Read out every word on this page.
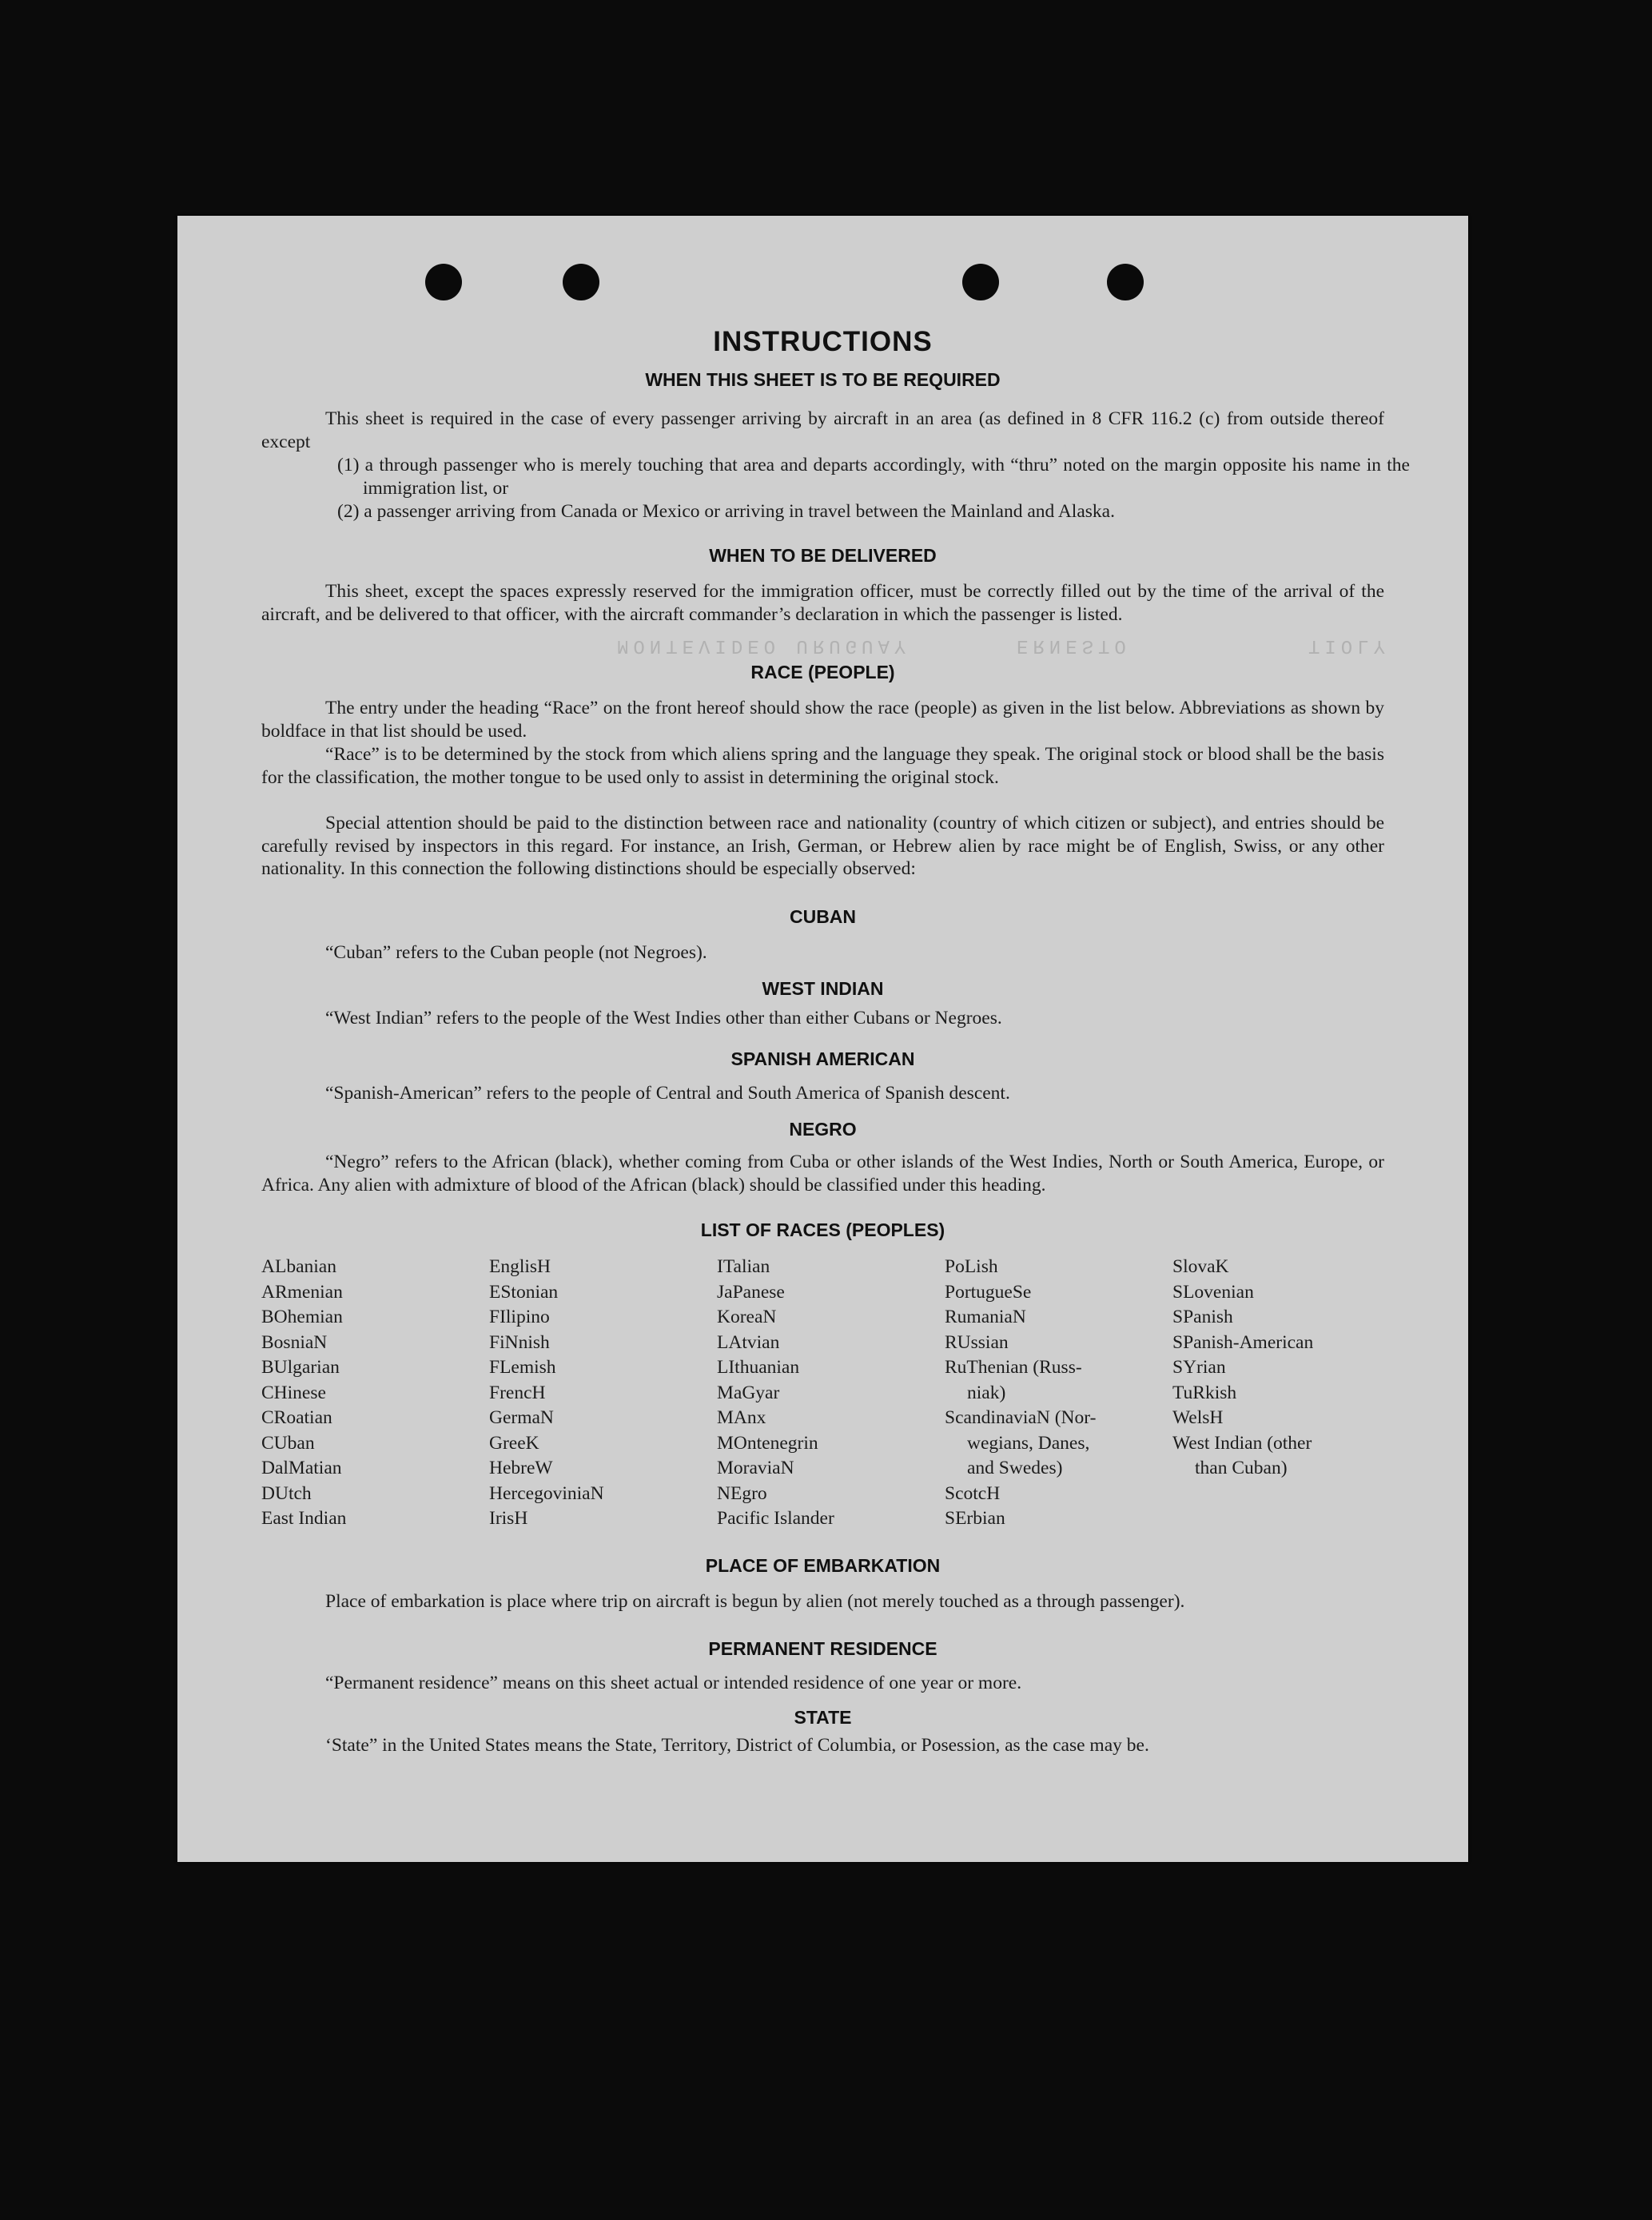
TIOLY
ERNESTO
MONTEVIDEO URUGUAY
INSTRUCTIONS
WHEN THIS SHEET IS TO BE REQUIRED
This sheet is required in the case of every passenger arriving by aircraft in an area (as defined in 8 CFR 116.2 (c) from outside thereof except
(1) a through passenger who is merely touching that area and departs accordingly, with “thru” noted on the margin opposite his name in the immigration list, or
(2) a passenger arriving from Canada or Mexico or arriving in travel between the Mainland and Alaska.
WHEN TO BE DELIVERED
This sheet, except the spaces expressly reserved for the immigration officer, must be correctly filled out by the time of the arrival of the aircraft, and be delivered to that officer, with the aircraft commander’s declaration in which the passenger is listed.
RACE (PEOPLE)
The entry under the heading “Race” on the front hereof should show the race (people) as given in the list below. Abbreviations as shown by boldface in that list should be used.
“Race” is to be determined by the stock from which aliens spring and the language they speak. The original stock or blood shall be the basis for the classification, the mother tongue to be used only to assist in determining the original stock.
Special attention should be paid to the distinction between race and nationality (country of which citizen or subject), and entries should be carefully revised by inspectors in this regard. For instance, an Irish, German, or Hebrew alien by race might be of English, Swiss, or any other nationality. In this connection the following distinctions should be especially observed:
CUBAN
“Cuban” refers to the Cuban people (not Negroes).
WEST INDIAN
“West Indian” refers to the people of the West Indies other than either Cubans or Negroes.
SPANISH AMERICAN
“Spanish-American” refers to the people of Central and South America of Spanish descent.
NEGRO
“Negro” refers to the African (black), whether coming from Cuba or other islands of the West Indies, North or South America, Europe, or Africa. Any alien with admixture of blood of the African (black) should be classified under this heading.
LIST OF RACES (PEOPLES)
ALbanian
ARmenian
BOhemian
BosniaN
BUlgarian
CHinese
CRoatian
CUban
DalMatian
DUtch
East Indian
EnglisH
EStonian
FIlipino
FiNnish
FLemish
FrencH
GermaN
GreeK
HebreW
HercegoviniaN
IrisH
ITalian
JaPanese
KoreaN
LAtvian
LIthuanian
MaGyar
MAnx
MOntenegrin
MoraviaN
NEgro
Pacific Islander
PoLish
PortugueSe
RumaniaN
RUssian
RuThenian (Russ-
niak)
ScandinaviaN (Nor-
wegians, Danes,
and Swedes)
ScotcH
SErbian
SlovaK
SLovenian
SPanish
SPanish-American
SYrian
TuRkish
WelsH
West Indian (other
than Cuban)
PLACE OF EMBARKATION
Place of embarkation is place where trip on aircraft is begun by alien (not merely touched as a through passenger).
PERMANENT RESIDENCE
“Permanent residence” means on this sheet actual or intended residence of one year or more.
STATE
‘State” in the United States means the State, Territory, District of Columbia, or Posession, as the case may be.
